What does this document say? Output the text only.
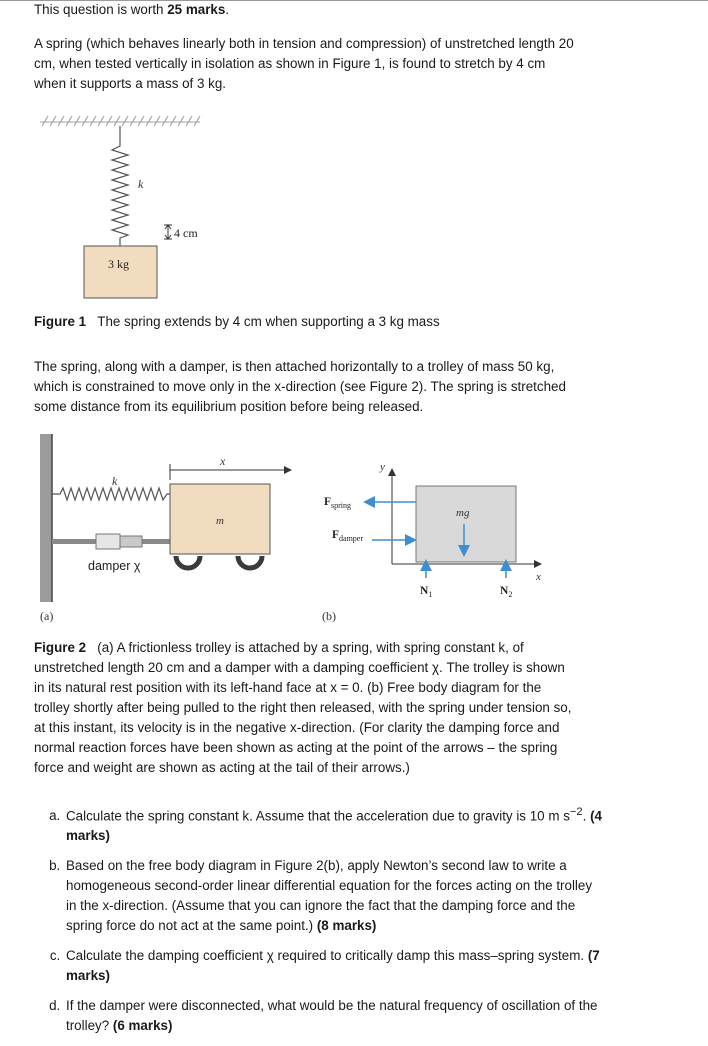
This question is worth 25 marks.

A spring (which behaves linearly both in tension and compression) of unstretched length 20 cm, when tested vertically in isolation as shown in Figure 1, is found to stretch by 4 cm when it supports a mass of 3 kg.

k
3 kg
4 cm

Figure 1 The spring extends by 4 cm when supporting a 3 kg mass

The spring, along with a damper, is then attached horizontally to a trolley of mass 50 kg, which is constrained to move only in the x-direction (see Figure 2). The spring is stretched some distance from its equilibrium position before being released.

x
k
damper χ
m
(a)
y
x
mg
$F_{spring}$
$F_{damper}$
$N_1$	$N_2$
(b)

Figure 2 (a) A frictionless trolley is attached by a spring, with spring constant k, of unstretched length 20 cm and a damper with a damping coefficient χ. The trolley is shown in its natural rest position with its left-hand face at x = 0. (b) Free body diagram for the trolley shortly after being pulled to the right then released, with the spring under tension so, at this instant, its velocity is in the negative x-direction. (For clarity the damping force and normal reaction forces have been shown as acting at the point of the arrows – the spring force and weight are shown as acting at the tail of their arrows.)

a. Calculate the spring constant k. Assume that the acceleration due to gravity is 10 m $s^{-2}$. (4 marks)
b. Based on the free body diagram in Figure 2(b), apply Newton’s second law to write a homogeneous second-order linear differential equation for the forces acting on the trolley in the x-direction. (Assume that you can ignore the fact that the damping force and the spring force do not act at the same point.) (8 marks)
c. Calculate the damping coefficient χ required to critically damp this mass–spring system. (7 marks)
d. If the damper were disconnected, what would be the natural frequency of oscillation of the trolley? (6 marks)
